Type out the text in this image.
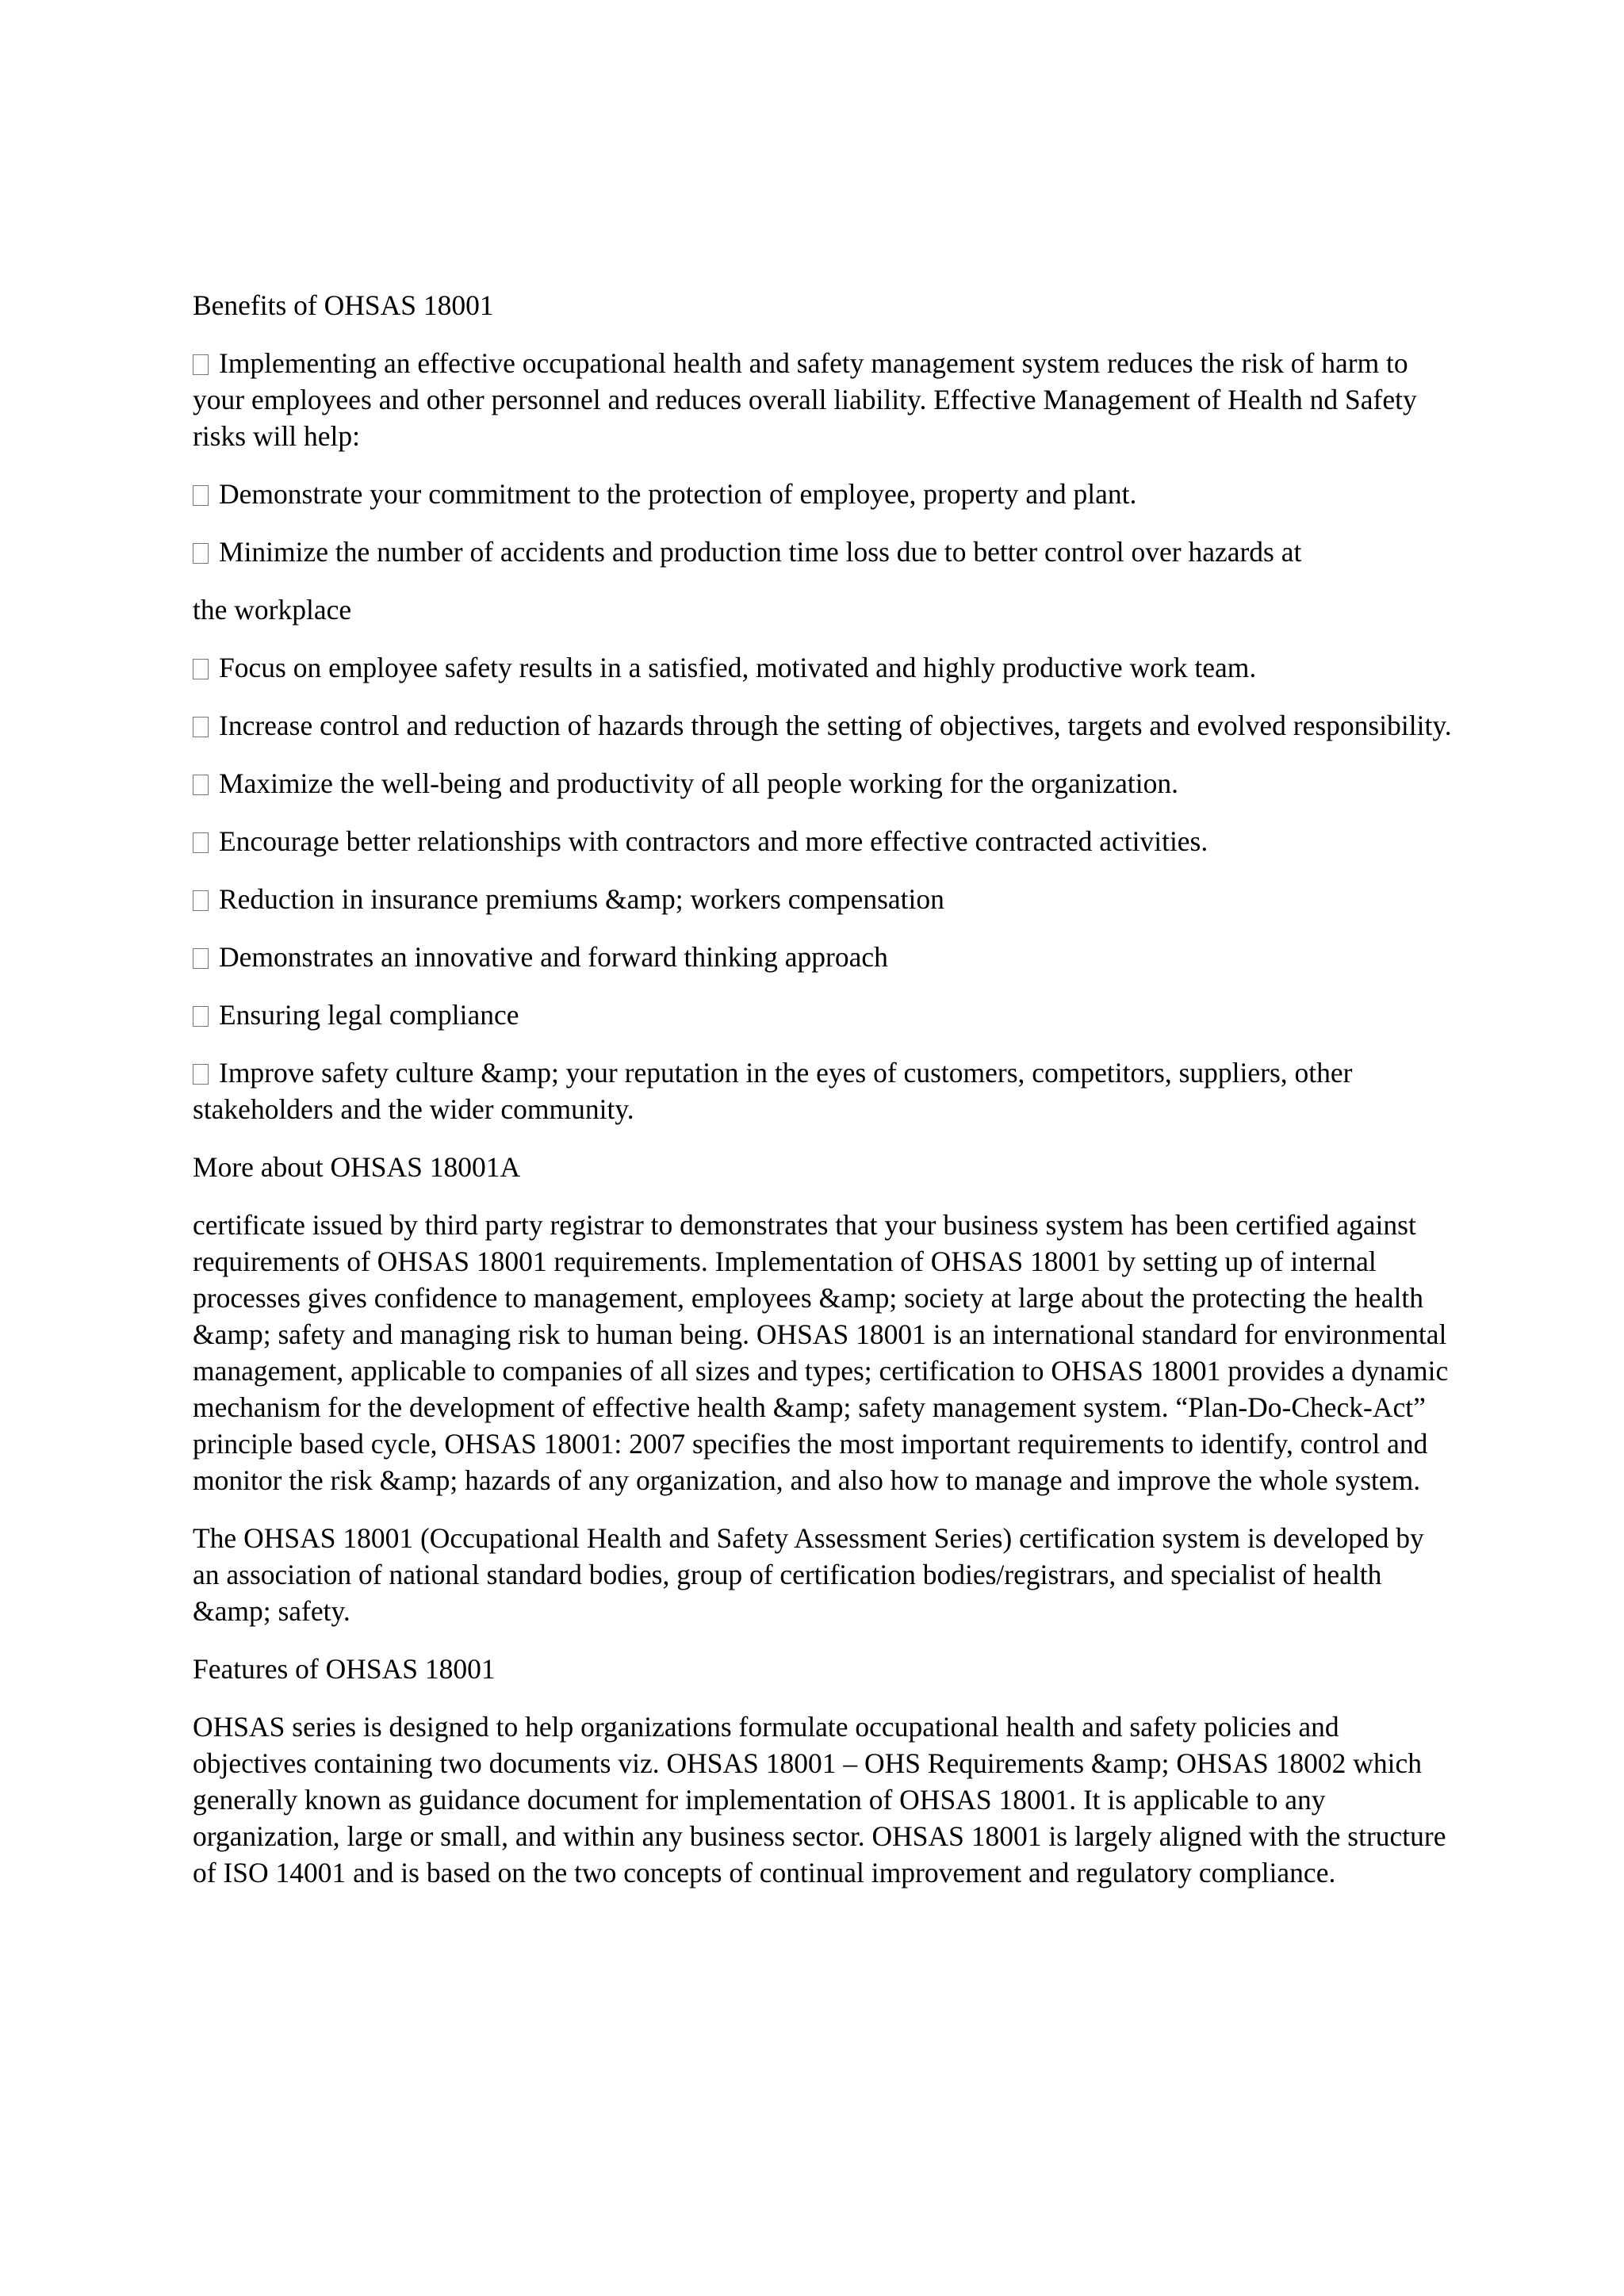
Benefits of OHSAS 18001
Implementing an effective occupational health and safety management system reduces the risk of harm to your employees and other personnel and reduces overall liability. Effective Management of Health nd Safety risks will help:
Demonstrate your commitment to the protection of employee, property and plant.
Minimize the number of accidents and production time loss due to better control over hazards at
the workplace
Focus on employee safety results in a satisfied, motivated and highly productive work team.
Increase control and reduction of hazards through the setting of objectives, targets and evolved responsibility.
Maximize the well-being and productivity of all people working for the organization.
Encourage better relationships with contractors and more effective contracted activities.
Reduction in insurance premiums &amp; workers compensation
Demonstrates an innovative and forward thinking approach
Ensuring legal compliance
Improve safety culture &amp; your reputation in the eyes of customers, competitors, suppliers, other stakeholders and the wider community.
More about OHSAS 18001A
certificate issued by third party registrar to demonstrates that your business system has been certified against requirements of OHSAS 18001 requirements. Implementation of OHSAS 18001 by setting up of internal processes gives confidence to management, employees &amp; society at large about the protecting the health &amp; safety and managing risk to human being. OHSAS 18001 is an international standard for environmental management, applicable to companies of all sizes and types; certification to OHSAS 18001 provides a dynamic mechanism for the development of effective health &amp; safety management system. “Plan-Do-Check-Act” principle based cycle, OHSAS 18001: 2007 specifies the most important requirements to identify, control and monitor the risk &amp; hazards of any organization, and also how to manage and improve the whole system.
The OHSAS 18001 (Occupational Health and Safety Assessment Series) certification system is developed by an association of national standard bodies, group of certification bodies/registrars, and specialist of health &amp; safety.
Features of OHSAS 18001
OHSAS series is designed to help organizations formulate occupational health and safety policies and objectives containing two documents viz. OHSAS 18001 – OHS Requirements &amp; OHSAS 18002 which generally known as guidance document for implementation of OHSAS 18001. It is applicable to any organization, large or small, and within any business sector. OHSAS 18001 is largely aligned with the structure of ISO 14001 and is based on the two concepts of continual improvement and regulatory compliance.
